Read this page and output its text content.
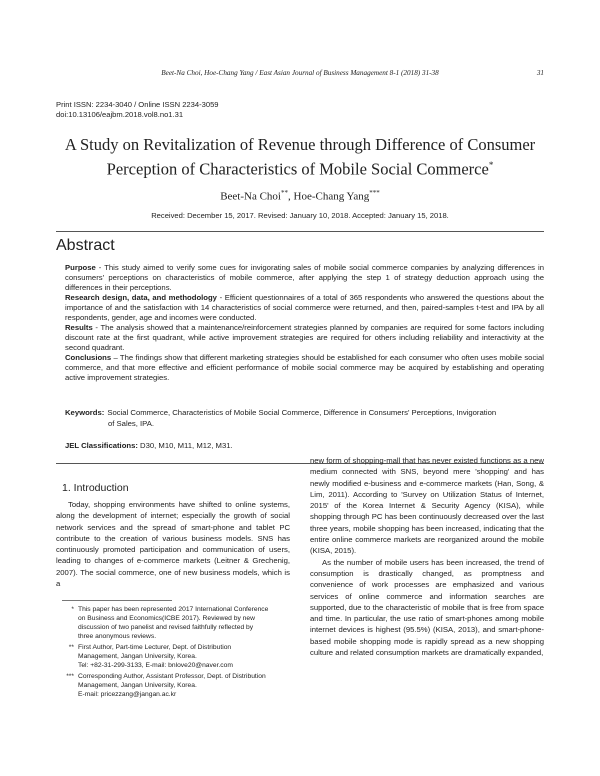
Beet-Na Choi, Hoe-Chang Yang / East Asian Journal of Business Management 8-1 (2018) 31-38	31
Print ISSN: 2234-3040 / Online ISSN 2234-3059
doi:10.13106/eajbm.2018.vol8.no1.31
A Study on Revitalization of Revenue through Difference of Consumer
Perception of Characteristics of Mobile Social Commerce*
Beet-Na Choi**, Hoe-Chang Yang***
Received: December 15, 2017. Revised: January 10, 2018. Accepted: January 15, 2018.
Abstract

Purpose - This study aimed to verify some cues for invigorating sales of mobile social commerce companies by analyzing differences in consumers' perceptions on characteristics of mobile commerce, after applying the step 1 of strategy deduction approach using the differences in their perceptions.

Research design, data, and methodology - Efficient questionnaires of a total of 365 respondents who answered the questions about the importance of and the satisfaction with 14 characteristics of social commerce were returned, and then, paired-samples t-test and IPA by all respondents, gender, age and incomes were conducted.

Results - The analysis showed that a maintenance/reinforcement strategies planned by companies are required for some factors including discount rate at the first quadrant, while active improvement strategies are required for others including reliability and interactivity at the second quadrant.

Conclusions – The findings show that different marketing strategies should be established for each consumer who often uses mobile social commerce, and that more effective and efficient performance of mobile social commerce may be acquired by establishing and operating active improvement strategies.

Keywords: Social Commerce, Characteristics of Mobile Social Commerce, Difference in Consumers' Perceptions, Invigoration
of Sales, IPA.
JEL Classifications: D30, M10, M11, M12, M31.
1. Introduction

Today, shopping environments have shifted to online systems, along the development of internet; especially the growth of social network services and the spread of smart-phone and tablet PC contribute to the creation of various business models. SNS has continuously promoted participation and communication of users, leading to changes of e-commerce markets (Leitner & Grechenig, 2007). The social commerce, one of new business models, which is a

* This paper has been represented 2017 International Conference
on Business and Economics(ICBE 2017). Reviewed by new
discussion of two panelist and revised faithfully reflected by
three anonymous reviews.
** First Author, Part-time Lecturer, Dept. of Distribution
Management, Jangan University, Korea.
Tel: +82-31-299-3133, E-mail: bnlove20@naver.com
*** Corresponding Author, Assistant Professor, Dept. of Distribution
Management, Jangan University, Korea.
E-mail: pricezzang@jangan.ac.kr

new form of shopping-mall that has never existed functions as a new medium connected with SNS, beyond mere 'shopping' and has newly modified e-business and e-commerce markets (Han, Song, & Lim, 2011). According to 'Survey on Utilization Status of Internet, 2015' of the Korea Internet & Security Agency (KISA), while shopping through PC has been continuously decreased over the last three years, mobile shopping has been increased, indicating that the entire online commerce markets are reorganized around the mobile (KISA, 2015).

As the number of mobile users has been increased, the trend of consumption is drastically changed, as promptness and convenience of work processes are emphasized and various services of online commerce and information searches are supported, due to the characteristic of mobile that is free from space and time. In particular, the use ratio of smart-phones among mobile internet devices is highest (95.5%) (KISA, 2013), and smart-phone-based mobile shopping mode is rapidly spread as a new shopping culture and related consumption markets are dramatically expanded,
